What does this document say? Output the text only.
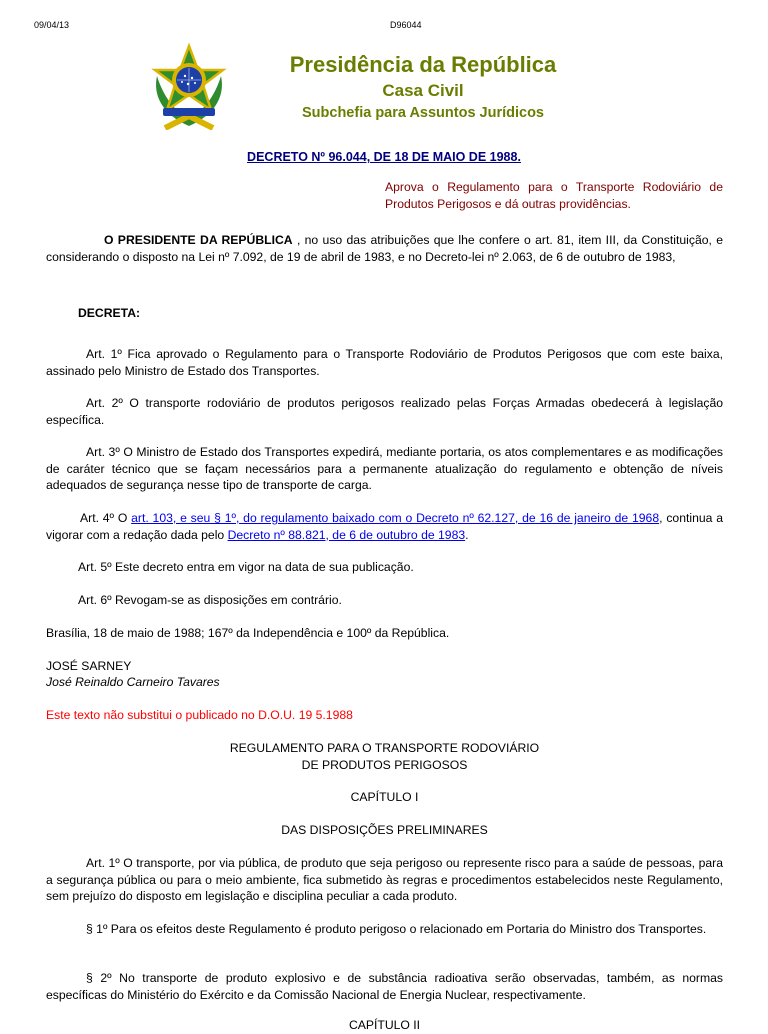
09/04/13	D96044
Presidência da República
Casa Civil
Subchefia para Assuntos Jurídicos
DECRETO Nº 96.044, DE 18 DE MAIO DE 1988.
Aprova o Regulamento para o Transporte Rodoviário de Produtos Perigosos e dá outras providências.
O PRESIDENTE DA REPÚBLICA , no uso das atribuições que lhe confere o art. 81, item III, da Constituição, e considerando o disposto na Lei nº 7.092, de 19 de abril de 1983, e no Decreto-lei nº 2.063, de 6 de outubro de 1983,
DECRETA:
Art. 1º Fica aprovado o Regulamento para o Transporte Rodoviário de Produtos Perigosos que com este baixa, assinado pelo Ministro de Estado dos Transportes.
Art. 2º O transporte rodoviário de produtos perigosos realizado pelas Forças Armadas obedecerá à legislação específica.
Art. 3º O Ministro de Estado dos Transportes expedirá, mediante portaria, os atos complementares e as modificações de caráter técnico que se façam necessários para a permanente atualização do regulamento e obtenção de níveis adequados de segurança nesse tipo de transporte de carga.
Art. 4º O art. 103, e seu § 1º, do regulamento baixado com o Decreto nº 62.127, de 16 de janeiro de 1968, continua a vigorar com a redação dada pelo Decreto nº 88.821, de 6 de outubro de 1983.
Art. 5º Este decreto entra em vigor na data de sua publicação.
Art. 6º Revogam-se as disposições em contrário.
Brasília, 18 de maio de 1988; 167º da Independência e 100º da República.
JOSÉ SARNEY
José Reinaldo Carneiro Tavares
Este texto não substitui o publicado no D.O.U. 19 5.1988
REGULAMENTO PARA O TRANSPORTE RODOVIÁRIO
DE PRODUTOS PERIGOSOS
CAPÍTULO I
DAS DISPOSIÇÕES PRELIMINARES
Art. 1º O transporte, por via pública, de produto que seja perigoso ou represente risco para a saúde de pessoas, para a segurança pública ou para o meio ambiente, fica submetido às regras e procedimentos estabelecidos neste Regulamento, sem prejuízo do disposto em legislação e disciplina peculiar a cada produto.
§ 1º Para os efeitos deste Regulamento é produto perigoso o relacionado em Portaria do Ministro dos Transportes.
§ 2º No transporte de produto explosivo e de substância radioativa serão observadas, também, as normas específicas do Ministério do Exército e da Comissão Nacional de Energia Nuclear, respectivamente.
CAPÍTULO II
